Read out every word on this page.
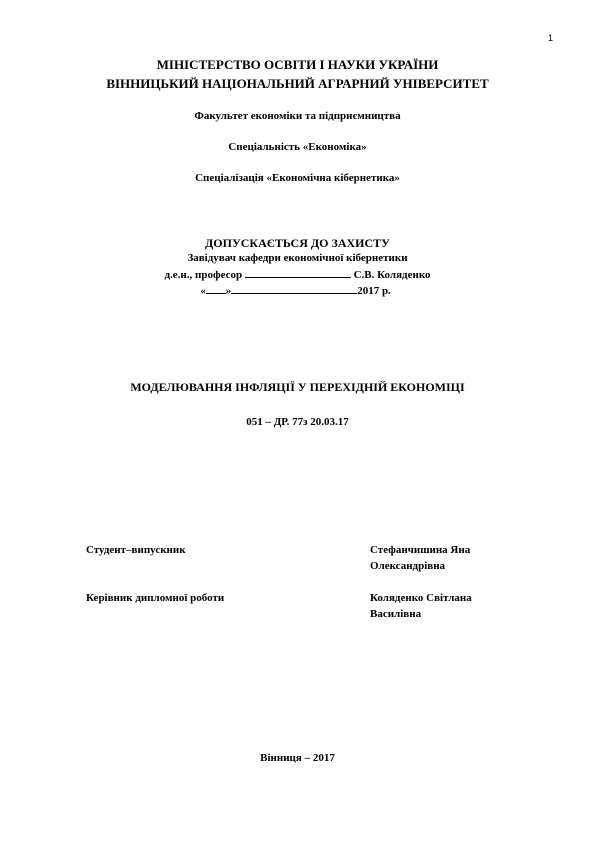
1
МІНІСТЕРСТВО ОСВІТИ І НАУКИ УКРАЇНИ
ВІННИЦЬКИЙ НАЦІОНАЛЬНИЙ АГРАРНИЙ УНІВЕРСИТЕТ
Факультет економіки та підприємництва
Спеціальність «Економіка»
Спеціалізація «Економічна кібернетика»
ДОПУСКАЄТЬСЯ ДО ЗАХИСТУ
Завідувач кафедри економічної кібернетики
д.е.н., професор	С.В. Коляденко
« »	2017 р.
МОДЕЛЮВАННЯ ІНФЛЯЦІЇ У ПЕРЕХІДНІЙ ЕКОНОМІЦІ
051 – ДР. 77з 20.03.17
Студент–випускник	Стефанчишина Яна
Олександрівна
Керівник дипломної роботи	Коляденко Світлана
Василівна
Вінниця – 2017
